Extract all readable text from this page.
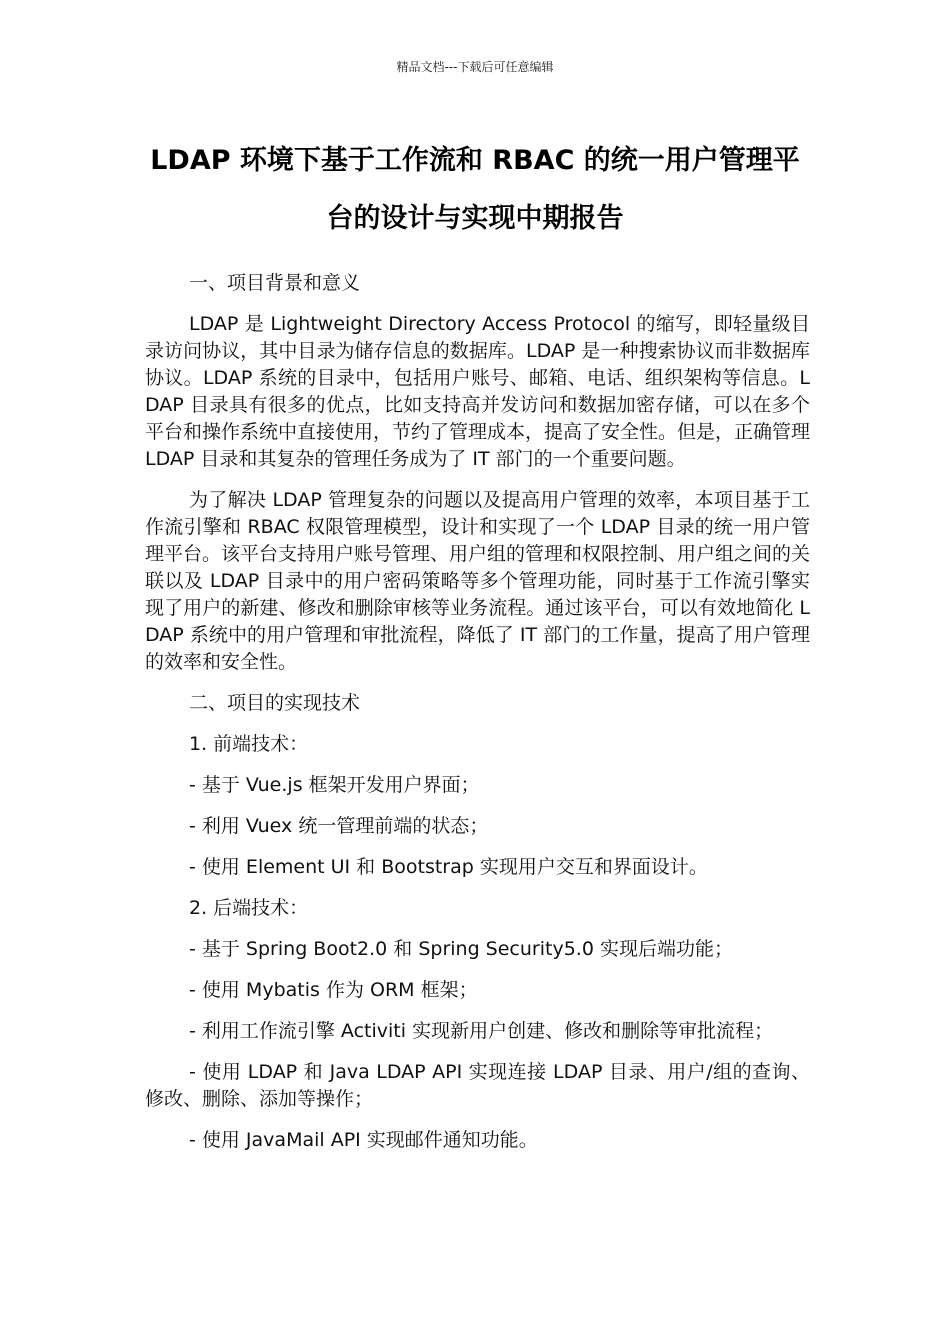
精品文档---下载后可任意编辑
LDAP 环境下基于工作流和 RBAC 的统一用户管理平
台的设计与实现中期报告

一、项目背景和意义

LDAP 是 Lightweight Directory Access Protocol 的缩写，即轻量级目录访问协议，其中目录为储存信息的数据库。LDAP 是一种搜索协议而非数据库协议。LDAP 系统的目录中，包括用户账号、邮箱、电话、组织架构等信息。LDAP 目录具有很多的优点，比如支持高并发访问和数据加密存储，可以在多个平台和操作系统中直接使用，节约了管理成本，提高了安全性。但是，正确管理 LDAP 目录和其复杂的管理任务成为了 IT 部门的一个重要问题。

为了解决 LDAP 管理复杂的问题以及提高用户管理的效率，本项目基于工作流引擎和 RBAC 权限管理模型，设计和实现了一个 LDAP 目录的统一用户管理平台。该平台支持用户账号管理、用户组的管理和权限控制、用户组之间的关联以及 LDAP 目录中的用户密码策略等多个管理功能，同时基于工作流引擎实现了用户的新建、修改和删除审核等业务流程。通过该平台，可以有效地简化 LDAP 系统中的用户管理和审批流程，降低了 IT 部门的工作量，提高了用户管理的效率和安全性。

二、项目的实现技术

1. 前端技术：

- 基于 Vue.js 框架开发用户界面；

- 利用 Vuex 统一管理前端的状态；

- 使用 Element UI 和 Bootstrap 实现用户交互和界面设计。

2. 后端技术：

- 基于 Spring Boot2.0 和 Spring Security5.0 实现后端功能；

- 使用 Mybatis 作为 ORM 框架；

- 利用工作流引擎 Activiti 实现新用户创建、修改和删除等审批流程；

- 使用 LDAP 和 Java LDAP API 实现连接 LDAP 目录、用户/组的查询、修改、删除、添加等操作；

- 使用 JavaMail API 实现邮件通知功能。
